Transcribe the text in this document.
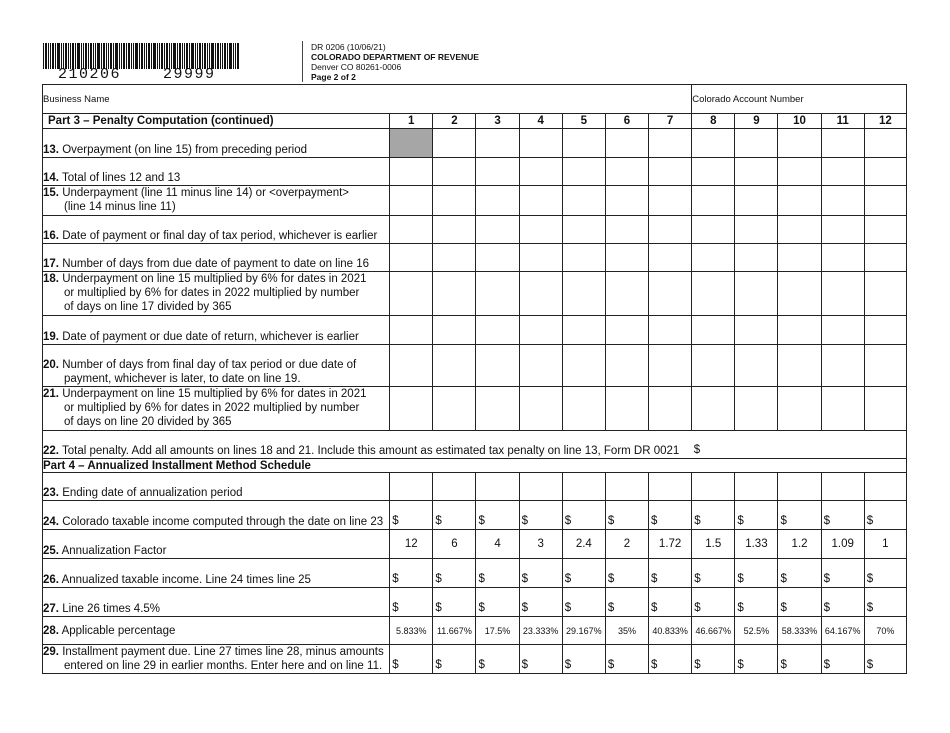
210206    29999
DR 0206 (10/06/21)
COLORADO DEPARTMENT OF REVENUE
Denver CO 80261-0006
Page 2 of 2
Business Name								Colorado Account Number				
Part 3 – Penalty Computation (continued)	1	2	3	4	5	6	7	8	9	10	11	12
13. Overpayment (on line 15) from preceding period												
14. Total of lines 12 and 13												
15. Underpayment (line 11 minus line 14) or <overpayment>
(line 14 minus line 11)												

16. Date of payment or final day of tax period, whichever is earlier												
17. Number of days from due date of payment to date on line 16												
18. Underpayment on line 15 multiplied by 6% for dates in 2021
or multiplied by 6% for dates in 2022 multiplied by number
of days on line 17 divided by 365												

19. Date of payment or due date of return, whichever is earlier												
20. Number of days from final day of tax period or due date of
payment, whichever is later, to date on line 19.												

21. Underpayment on line 15 multiplied by 6% for dates in 2021
or multiplied by 6% for dates in 2022 multiplied by number
of days on line 20 divided by 365												

22. Total penalty. Add all amounts on lines 18 and 21. Include this amount as estimated tax penalty on line 13, Form DR 0021								$				
Part 4 – Annualized Installment Method Schedule												
23. Ending date of annualization period												
24. Colorado taxable income computed through the date on line 23	$	$	$	$	$	$	$	$	$	$	$	$
25. Annualization Factor	12	6	4	3	2.4	2	1.72	1.5	1.33	1.2	1.09	1
26. Annualized taxable income. Line 24 times line 25	$	$	$	$	$	$	$	$	$	$	$	$
27. Line 26 times 4.5%	$	$	$	$	$	$	$	$	$	$	$	$
28. Applicable percentage	5.833%	11.667%	17.5%	23.333%	29.167%	35%	40.833%	46.667%	52.5%	58.333%	64.167%	70%
29. Installment payment due. Line 27 times line 28, minus amounts
entered on line 29 in earlier months. Enter here and on line 11.	$	$	$	$	$	$	$	$	$	$	$	$
